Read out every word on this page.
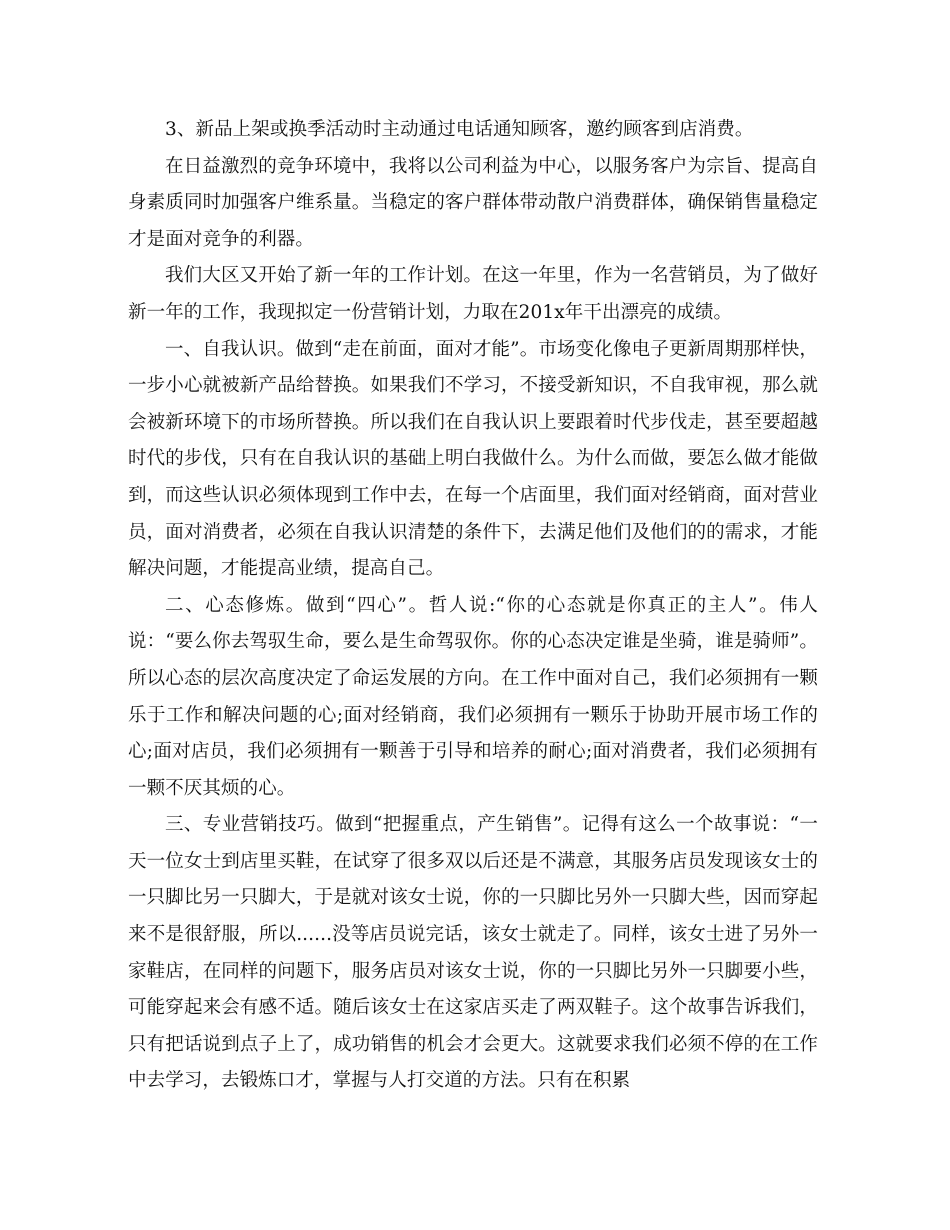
3、新品上架或换季活动时主动通过电话通知顾客，邀约顾客到店消费。

在日益激烈的竞争环境中，我将以公司利益为中心，以服务客户为宗旨、提高自身素质同时加强客户维系量。当稳定的客户群体带动散户消费群体，确保销售量稳定才是面对竞争的利器。

我们大区又开始了新一年的工作计划。在这一年里，作为一名营销员，为了做好新一年的工作，我现拟定一份营销计划，力取在201x年干出漂亮的成绩。

一、自我认识。做到“走在前面，面对才能”。市场变化像电子更新周期那样快，一步小心就被新产品给替换。如果我们不学习，不接受新知识，不自我审视，那么就会被新环境下的市场所替换。所以我们在自我认识上要跟着时代步伐走，甚至要超越时代的步伐，只有在自我认识的基础上明白我做什么。为什么而做，要怎么做才能做到，而这些认识必须体现到工作中去，在每一个店面里，我们面对经销商，面对营业员，面对消费者，必须在自我认识清楚的条件下，去满足他们及他们的的需求，才能解决问题，才能提高业绩，提高自己。

二、心态修炼。做到“四心”。哲人说:“你的心态就是你真正的主人”。伟人说：“要么你去驾驭生命，要么是生命驾驭你。你的心态决定谁是坐骑，谁是骑师”。所以心态的层次高度决定了命运发展的方向。在工作中面对自己，我们必须拥有一颗乐于工作和解决问题的心;面对经销商，我们必须拥有一颗乐于协助开展市场工作的心;面对店员，我们必须拥有一颗善于引导和培养的耐心;面对消费者，我们必须拥有一颗不厌其烦的心。

三、专业营销技巧。做到“把握重点，产生销售”。记得有这么一个故事说：“一天一位女士到店里买鞋，在试穿了很多双以后还是不满意，其服务店员发现该女士的一只脚比另一只脚大，于是就对该女士说，你的一只脚比另外一只脚大些，因而穿起来不是很舒服，所以......没等店员说完话，该女士就走了。同样，该女士进了另外一家鞋店，在同样的问题下，服务店员对该女士说，你的一只脚比另外一只脚要小些，可能穿起来会有感不适。随后该女士在这家店买走了两双鞋子。这个故事告诉我们，只有把话说到点子上了，成功销售的机会才会更大。这就要求我们必须不停的在工作中去学习，去锻炼口才，掌握与人打交道的方法。只有在积累
